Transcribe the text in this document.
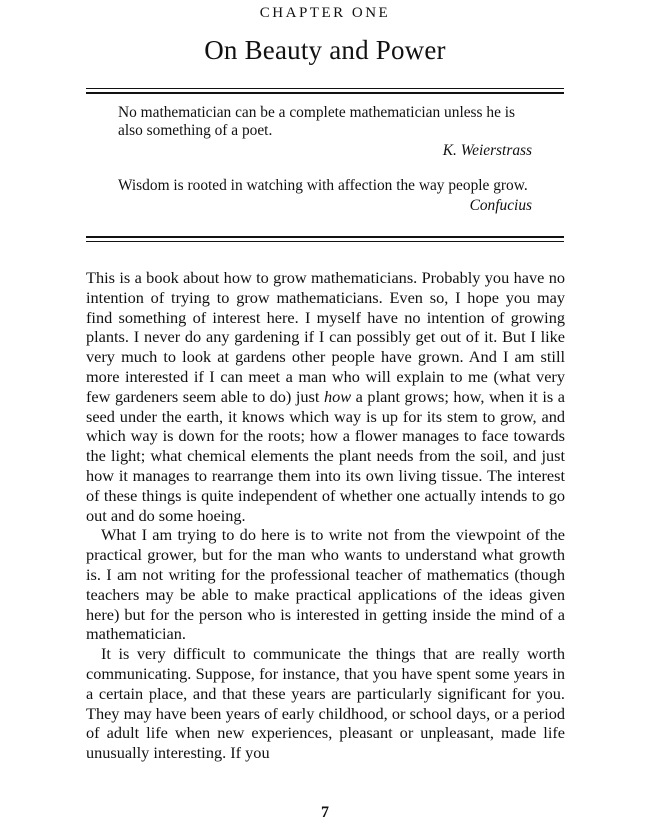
CHAPTER ONE
On Beauty and Power

No mathematician can be a complete mathematician unless he is also something of a poet.

K. Weierstrass

Wisdom is rooted in watching with affection the way people grow.

Confucius

This is a book about how to grow mathematicians. Probably you have no intention of trying to grow mathematicians. Even so, I hope you may find something of interest here. I myself have no intention of growing plants. I never do any gardening if I can possibly get out of it. But I like very much to look at gardens other people have grown. And I am still more interested if I can meet a man who will explain to me (what very few gardeners seem able to do) just how a plant grows; how, when it is a seed under the earth, it knows which way is up for its stem to grow, and which way is down for the roots; how a flower manages to face towards the light; what chemical elements the plant needs from the soil, and just how it manages to rearrange them into its own living tissue. The interest of these things is quite independent of whether one actually intends to go out and do some hoeing.

What I am trying to do here is to write not from the viewpoint of the practical grower, but for the man who wants to understand what growth is. I am not writing for the professional teacher of mathematics (though teachers may be able to make practical applications of the ideas given here) but for the person who is interested in getting inside the mind of a mathematician.

It is very difficult to communicate the things that are really worth communicating. Suppose, for instance, that you have spent some years in a certain place, and that these years are particularly significant for you. They may have been years of early childhood, or school days, or a period of adult life when new experiences, pleasant or unpleasant, made life unusually interesting. If you

7
